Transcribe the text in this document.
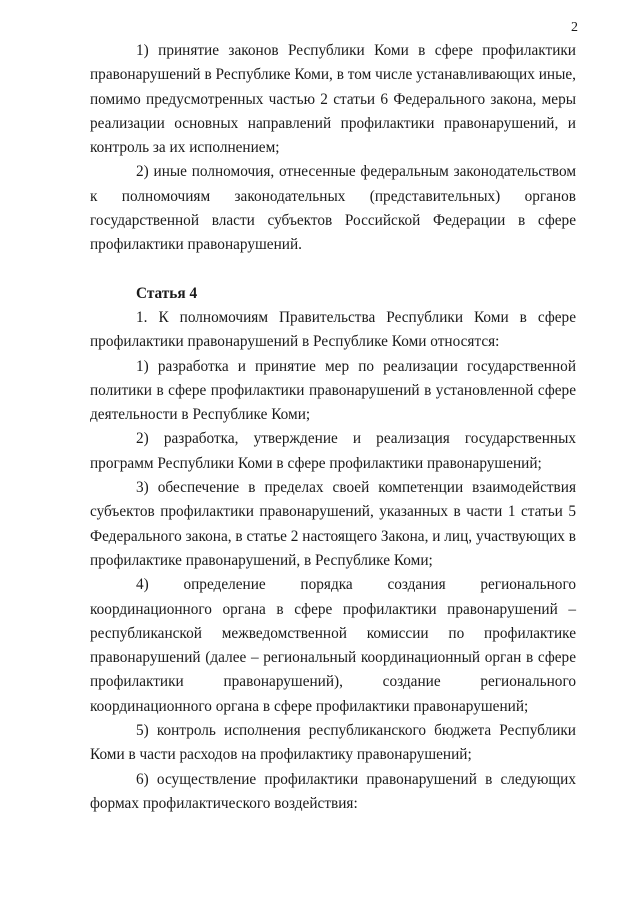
2

1) принятие законов Республики Коми в сфере профилактики правонарушений в Республике Коми, в том числе устанавливающих иные, помимо предусмотренных частью 2 статьи 6 Федерального закона, меры реализации основных направлений профилактики правонарушений, и контроль за их исполнением;

2) иные полномочия, отнесенные федеральным законодательством к полномочиям законодательных (представительных) органов государственной власти субъектов Российской Федерации в сфере профилактики правонарушений.

Статья 4

1. К полномочиям Правительства Республики Коми в сфере профилактики правонарушений в Республике Коми относятся:

1) разработка и принятие мер по реализации государственной политики в сфере профилактики правонарушений в установленной сфере деятельности в Республике Коми;

2) разработка, утверждение и реализация государственных программ Республики Коми в сфере профилактики правонарушений;

3) обеспечение в пределах своей компетенции взаимодействия субъектов профилактики правонарушений, указанных в части 1 статьи 5 Федерального закона, в статье 2 настоящего Закона, и лиц, участвующих в профилактике правонарушений, в Республике Коми;

4) определение порядка создания регионального координационного органа в сфере профилактики правонарушений – республиканской межведомственной комиссии по профилактике правонарушений (далее – региональный координационный орган в сфере профилактики правонарушений), создание регионального координационного органа в сфере профилактики правонарушений;

5) контроль исполнения республиканского бюджета Республики Коми в части расходов на профилактику правонарушений;

6) осуществление профилактики правонарушений в следующих формах профилактического воздействия:
